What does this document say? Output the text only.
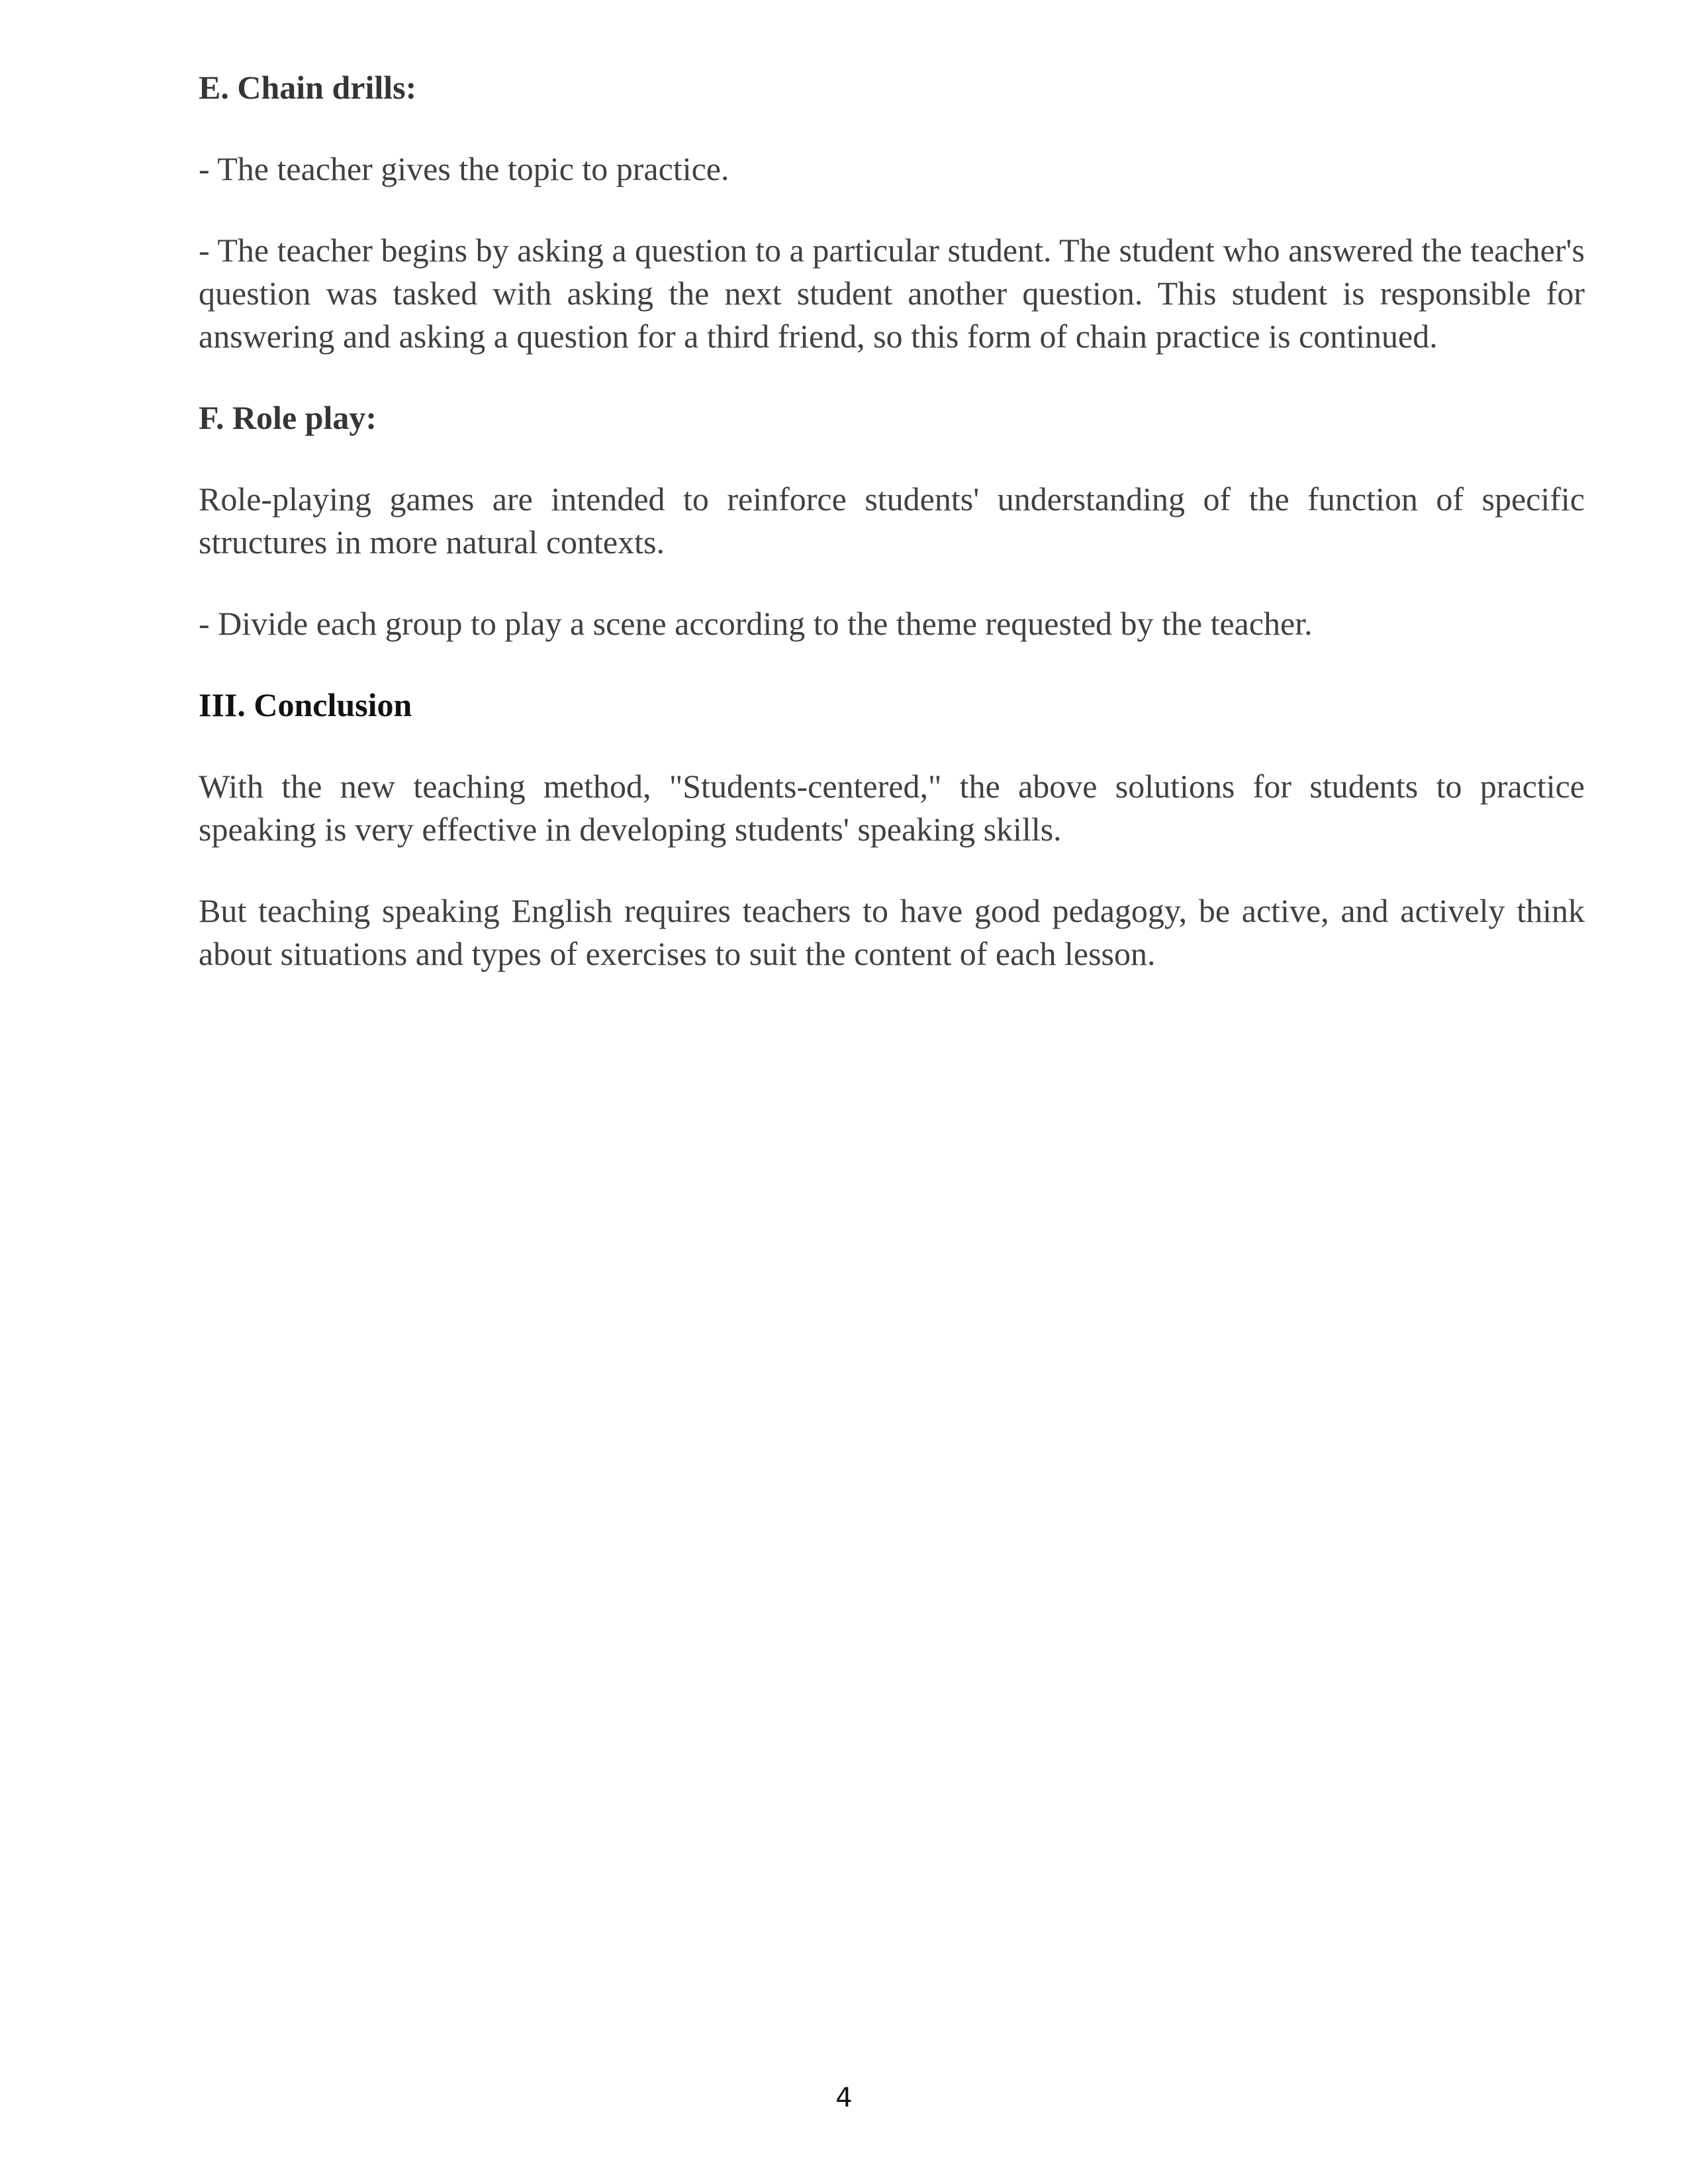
E. Chain drills:

- The teacher gives the topic to practice.

- The teacher begins by asking a question to a particular student. The student who answered the teacher's question was tasked with asking the next student another question. This student is responsible for answering and asking a question for a third friend, so this form of chain practice is continued.

F. Role play:

Role-playing games are intended to reinforce students' understanding of the function of specific structures in more natural contexts.

- Divide each group to play a scene according to the theme requested by the teacher.

III. Conclusion

With the new teaching method, "Students-centered," the above solutions for students to practice speaking is very effective in developing students' speaking skills.

But teaching speaking English requires teachers to have good pedagogy, be active, and actively think about situations and types of exercises to suit the content of each lesson.

4
